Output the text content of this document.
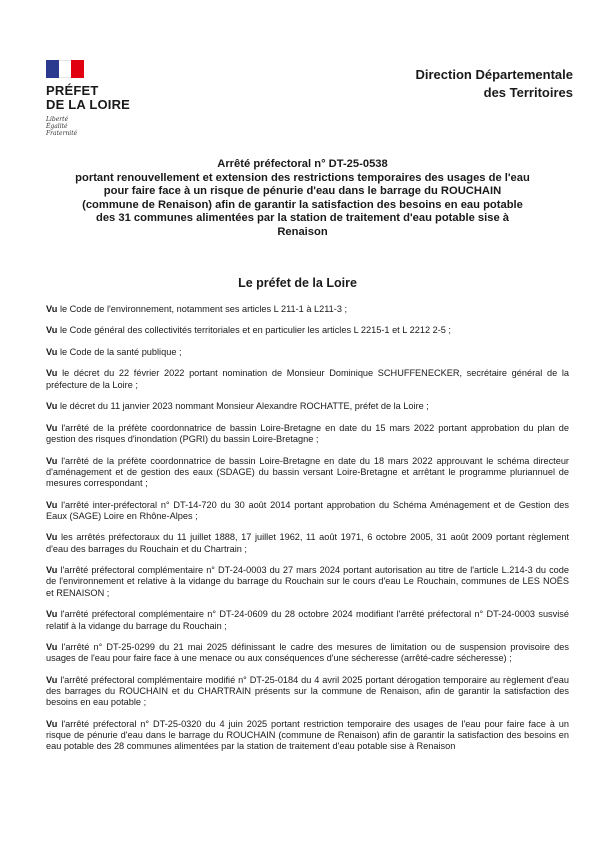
PRÉFET
DE LA LOIRE
Liberté
Égalité
Fraternité
Direction Départementale
des Territoires
Arrêté préfectoral n° DT-25-0538
portant renouvellement et extension des restrictions temporaires des usages de l'eau
pour faire face à un risque de pénurie d'eau dans le barrage du ROUCHAIN
(commune de Renaison) afin de garantir la satisfaction des besoins en eau potable
des 31 communes alimentées par la station de traitement d'eau potable sise à
Renaison
Le préfet de la Loire
Vu le Code de l'environnement, notamment ses articles L 211-1 à L211-3 ;
Vu le Code général des collectivités territoriales et en particulier les articles L 2215-1 et L 2212 2-5 ;
Vu le Code de la santé publique ;
Vu le décret du 22 février 2022 portant nomination de Monsieur Dominique SCHUFFENECKER, secrétaire général de la préfecture de la Loire ;
Vu le décret du 11 janvier 2023 nommant Monsieur Alexandre ROCHATTE, préfet de la Loire ;
Vu l'arrêté de la préfète coordonnatrice de bassin Loire-Bretagne en date du 15 mars 2022 portant approbation du plan de gestion des risques d'inondation (PGRI) du bassin Loire-Bretagne ;
Vu l'arrêté de la préfète coordonnatrice de bassin Loire-Bretagne en date du 18 mars 2022 approuvant le schéma directeur d'aménagement et de gestion des eaux (SDAGE) du bassin versant Loire-Bretagne et arrêtant le programme pluriannuel de mesures correspondant ;
Vu l'arrêté inter-préfectoral n° DT-14-720 du 30 août 2014 portant approbation du Schéma Aménagement et de Gestion des Eaux (SAGE) Loire en Rhône-Alpes ;
Vu les arrêtés préfectoraux du 11 juillet 1888, 17 juillet 1962, 11 août 1971, 6 octobre 2005, 31 août 2009 portant règlement d'eau des barrages du Rouchain et du Chartrain ;
Vu l'arrêté préfectoral complémentaire n° DT-24-0003 du 27 mars 2024 portant autorisation au titre de l'article L.214-3 du code de l'environnement et relative à la vidange du barrage du Rouchain sur le cours d'eau Le Rouchain, communes de LES NOËS et RENAISON ;
Vu l'arrêté préfectoral complémentaire n° DT-24-0609 du 28 octobre 2024 modifiant l'arrêté préfectoral n° DT-24-0003 susvisé relatif à la vidange du barrage du Rouchain ;
Vu l'arrêté n° DT-25-0299 du 21 mai 2025 définissant le cadre des mesures de limitation ou de suspension provisoire des usages de l'eau pour faire face à une menace ou aux conséquences d'une sécheresse (arrêté-cadre sécheresse) ;
Vu l'arrêté préfectoral complémentaire modifié n° DT-25-0184 du 4 avril 2025 portant dérogation temporaire au règlement d'eau des barrages du ROUCHAIN et du CHARTRAIN présents sur la commune de Renaison, afin de garantir la satisfaction des besoins en eau potable ;
Vu l'arrêté préfectoral n° DT-25-0320 du 4 juin 2025 portant restriction temporaire des usages de l'eau pour faire face à un risque de pénurie d'eau dans le barrage du ROUCHAIN (commune de Renaison) afin de garantir la satisfaction des besoins en eau potable des 28 communes alimentées par la station de traitement d'eau potable sise à Renaison
